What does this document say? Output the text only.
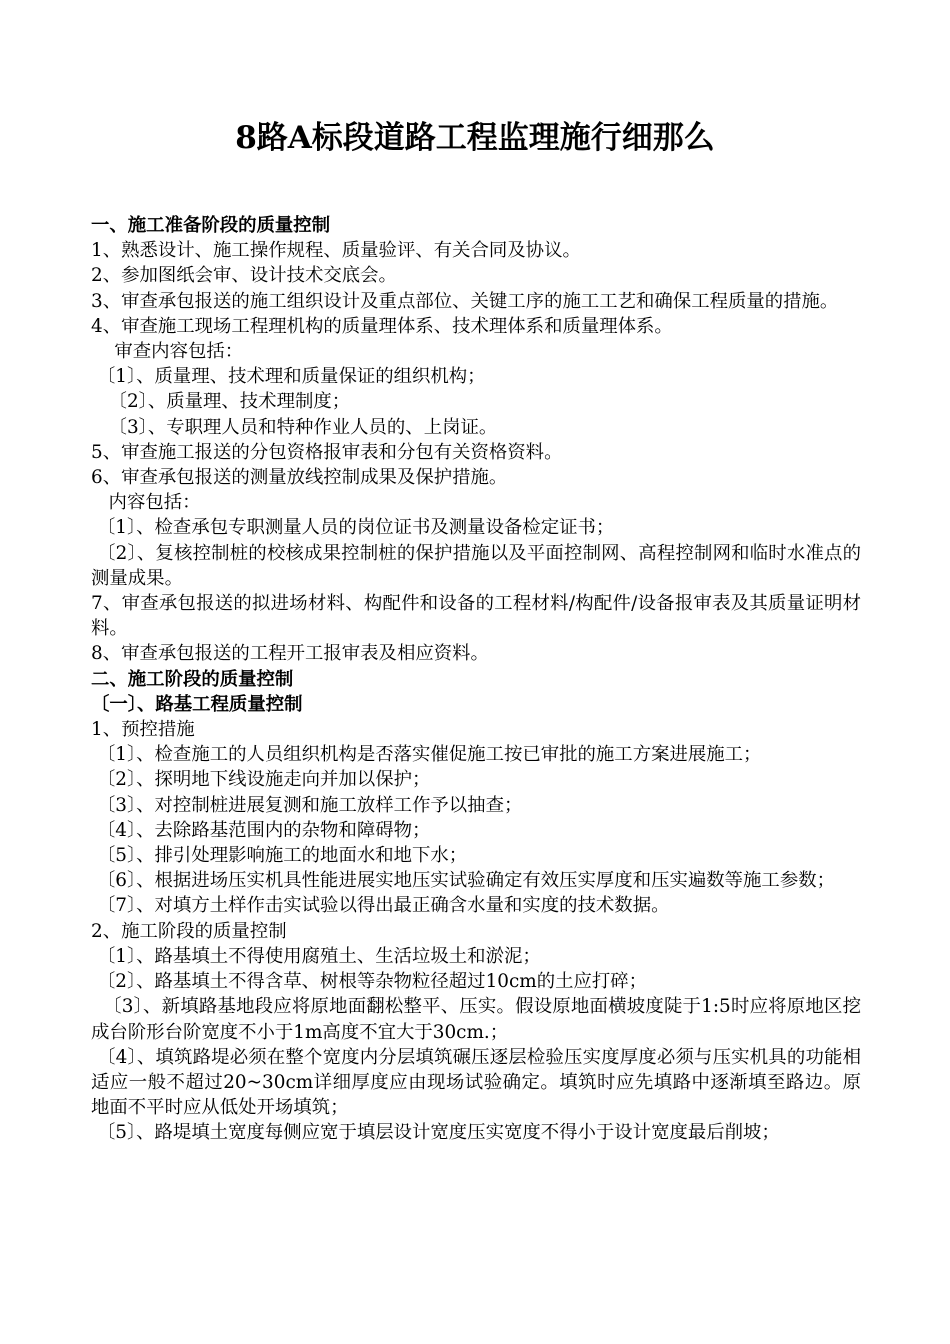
8路A标段道路工程监理施行细那么

一、施工准备阶段的质量控制

1、熟悉设计、施工操作规程、质量验评、有关合同及协议。

2、参加图纸会审、设计技术交底会。

3、审查承包报送的施工组织设计及重点部位、关键工序的施工工艺和确保工程质量的措施。

4、审查施工现场工程理机构的质量理体系、技术理体系和质量理体系。

审查内容包括：

〔1〕、质量理、技术理和质量保证的组织机构；

〔2〕、质量理、技术理制度；

〔3〕、专职理人员和特种作业人员的、上岗证。

5、审查施工报送的分包资格报审表和分包有关资格资料。

6、审查承包报送的测量放线控制成果及保护措施。

内容包括：

〔1〕、检查承包专职测量人员的岗位证书及测量设备检定证书；

〔2〕、复核控制桩的校核成果控制桩的保护措施以及平面控制网、高程控制网和临时水准点的测量成果。

7、审查承包报送的拟进场材料、构配件和设备的工程材料/构配件/设备报审表及其质量证明材料。

8、审查承包报送的工程开工报审表及相应资料。

二、施工阶段的质量控制

〔一〕、路基工程质量控制

1、预控措施

〔1〕、检查施工的人员组织机构是否落实催促施工按已审批的施工方案进展施工；

〔2〕、探明地下线设施走向并加以保护；

〔3〕、对控制桩进展复测和施工放样工作予以抽查；

〔4〕、去除路基范围内的杂物和障碍物；

〔5〕、排引处理影响施工的地面水和地下水；

〔6〕、根据进场压实机具性能进展实地压实试验确定有效压实厚度和压实遍数等施工参数；

〔7〕、对填方土样作击实试验以得出最正确含水量和实度的技术数据。

2、施工阶段的质量控制

〔1〕、路基填土不得使用腐殖土、生活垃圾土和淤泥；

〔2〕、路基填土不得含草、树根等杂物粒径超过10cm的土应打碎；

〔3〕、新填路基地段应将原地面翻松整平、压实。假设原地面横坡度陡于1:5时应将原地区挖成台阶形台阶宽度不小于1m高度不宜大于30cm.；

〔4〕、填筑路堤必须在整个宽度内分层填筑碾压逐层检验压实度厚度必须与压实机具的功能相适应一般不超过20~30cm详细厚度应由现场试验确定。填筑时应先填路中逐渐填至路边。原地面不平时应从低处开场填筑；

〔5〕、路堤填土宽度每侧应宽于填层设计宽度压实宽度不得小于设计宽度最后削坡；
